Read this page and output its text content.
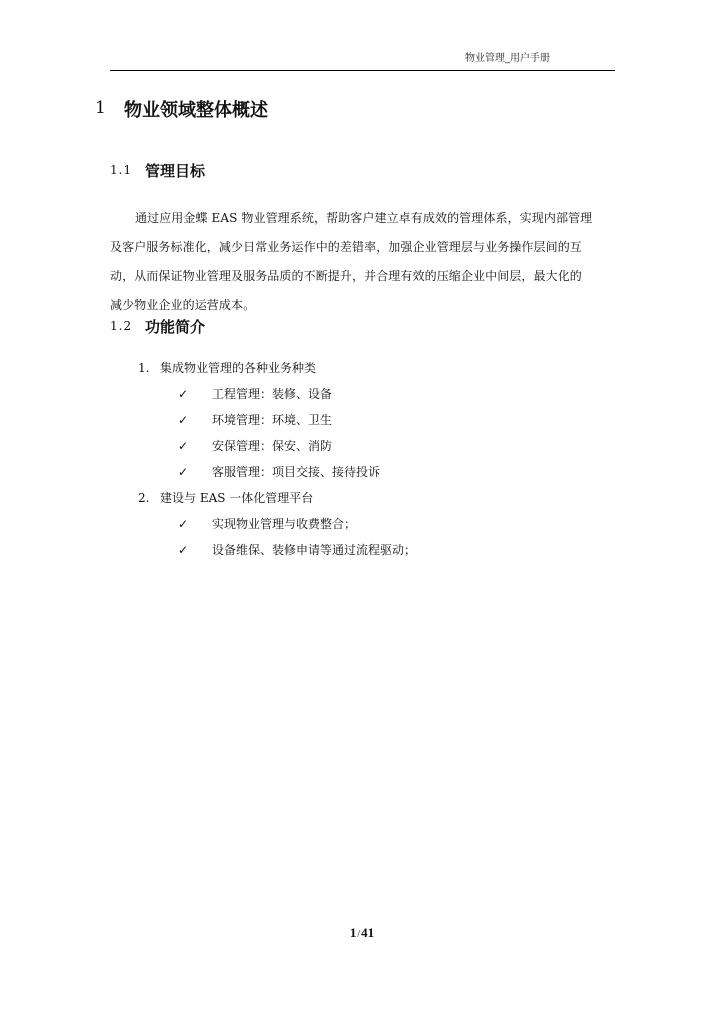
物业管理_用户手册
1 物业领域整体概述
1.1 管理目标
通过应用金蝶 EAS 物业管理系统，帮助客户建立卓有成效的管理体系，实现内部管理
及客户服务标准化，减少日常业务运作中的差错率，加强企业管理层与业务操作层间的互
动，从而保证物业管理及服务品质的不断提升，并合理有效的压缩企业中间层，最大化的
减少物业企业的运营成本。
1.2 功能简介
1. 集成物业管理的各种业务种类
✓ 工程管理：装修、设备
✓ 环境管理：环境、卫生
✓ 安保管理：保安、消防
✓ 客服管理：项目交接、接待投诉
2. 建设与 EAS 一体化管理平台
✓ 实现物业管理与收费整合；
✓ 设备维保、装修申请等通过流程驱动；
1/41
